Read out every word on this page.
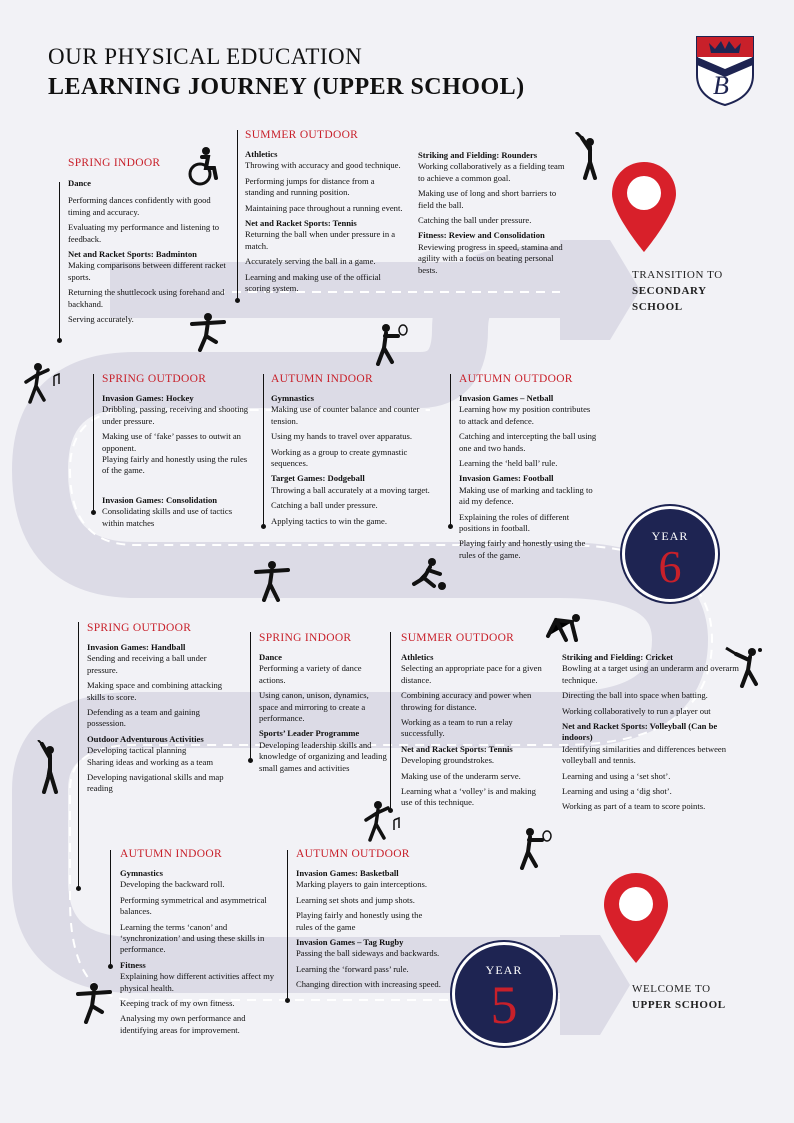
OUR PHYSICAL EDUCATION
LEARNING JOURNEY (UPPER SCHOOL)	B
TRANSITION TO
SECONDARY
SCHOOL
WELCOME TO
UPPER SCHOOL
YEAR
6
YEAR
5
SPRING INDOOR
Dance
Performing dances confidently with good timing and accuracy.
Evaluating my performance and listening to feedback.
Net and Racket Sports: Badminton
Making comparisons between different racket sports.
Returning the shuttlecock using forehand and backhand.
Serving accurately.
SUMMER OUTDOOR
Athletics
Throwing with accuracy and good technique.
Performing jumps for distance from a standing and running position.
Maintaining pace throughout a running event.
Net and Racket Sports: Tennis
Returning the ball when under pressure in a match.
Accurately serving the ball in a game.
Learning and making use of the official scoring system.
Striking and Fielding: Rounders
Working collaboratively as a fielding team to achieve a common goal.
Making use of long and short barriers to field the ball.
Catching the ball under pressure.
Fitness: Review and Consolidation
Reviewing progress in speed, stamina and agility with a focus on beating personal bests.
SPRING OUTDOOR
Invasion Games: Hockey
Dribbling, passing, receiving and shooting under pressure.
Making use of ‘fake’ passes to outwit an opponent.
Playing fairly and honestly using the rules of the game.
Invasion Games: Consolidation
Consolidating skills and use of tactics within matches
AUTUMN INDOOR
Gymnastics
Making use of counter balance and counter tension.
Using my hands to travel over apparatus.
Working as a group to create gymnastic sequences.
Target Games: Dodgeball
Throwing a ball accurately at a moving target.
Catching a ball under pressure.
Applying tactics to win the game.
AUTUMN OUTDOOR
Invasion Games – Netball
Learning how my position contributes to attack and defence.
Catching and intercepting the ball using one and two hands.
Learning the ‘held ball’ rule.
Invasion Games: Football
Making use of marking and tackling to aid my defence.
Explaining the roles of different positions in football.
Playing fairly and honestly using the rules of the game.
SPRING OUTDOOR
Invasion Games: Handball
Sending and receiving a ball under pressure.
Making space and combining attacking skills to score.
Defending as a team and gaining possession.
Outdoor Adventurous Activities
Developing tactical planning
Sharing ideas and working as a team
Developing navigational skills and map reading
SPRING INDOOR
Dance
Performing a variety of dance actions.
Using canon, unison, dynamics, space and mirroring to create a performance.
Sports’ Leader Programme
Developing leadership skills and knowledge of organizing and leading small games and activities
SUMMER OUTDOOR
Athletics
Selecting an appropriate pace for a given distance.
Combining accuracy and power when throwing for distance.
Working as a team to run a relay successfully.
Net and Racket Sports: Tennis
Developing groundstrokes.
Making use of the underarm serve.
Learning what a ‘volley’ is and making use of this technique.
Striking and Fielding: Cricket
Bowling at a target using an underarm and overarm technique.
Directing the ball into space when batting.
Working collaboratively to run a player out
Net and Racket Sports: Volleyball (Can be indoors)
Identifying similarities and differences between volleyball and tennis.
Learning and using a ‘set shot’.
Learning and using a ‘dig shot’.
Working as part of a team to score points.
AUTUMN INDOOR
Gymnastics
Developing the backward roll.
Performing symmetrical and asymmetrical balances.
Learning the terms ‘canon’ and ‘synchronization’ and using these skills in performance.
Fitness
Explaining how different activities affect my physical health.
Keeping track of my own fitness.
Analysing my own performance and identifying areas for improvement.
AUTUMN OUTDOOR
Invasion Games: Basketball
Marking players to gain interceptions.
Learning set shots and jump shots.
Playing fairly and honestly using the rules of the game
Invasion Games – Tag Rugby
Passing the ball sideways and backwards.
Learning the ‘forward pass’ rule.
Changing direction with increasing speed.
